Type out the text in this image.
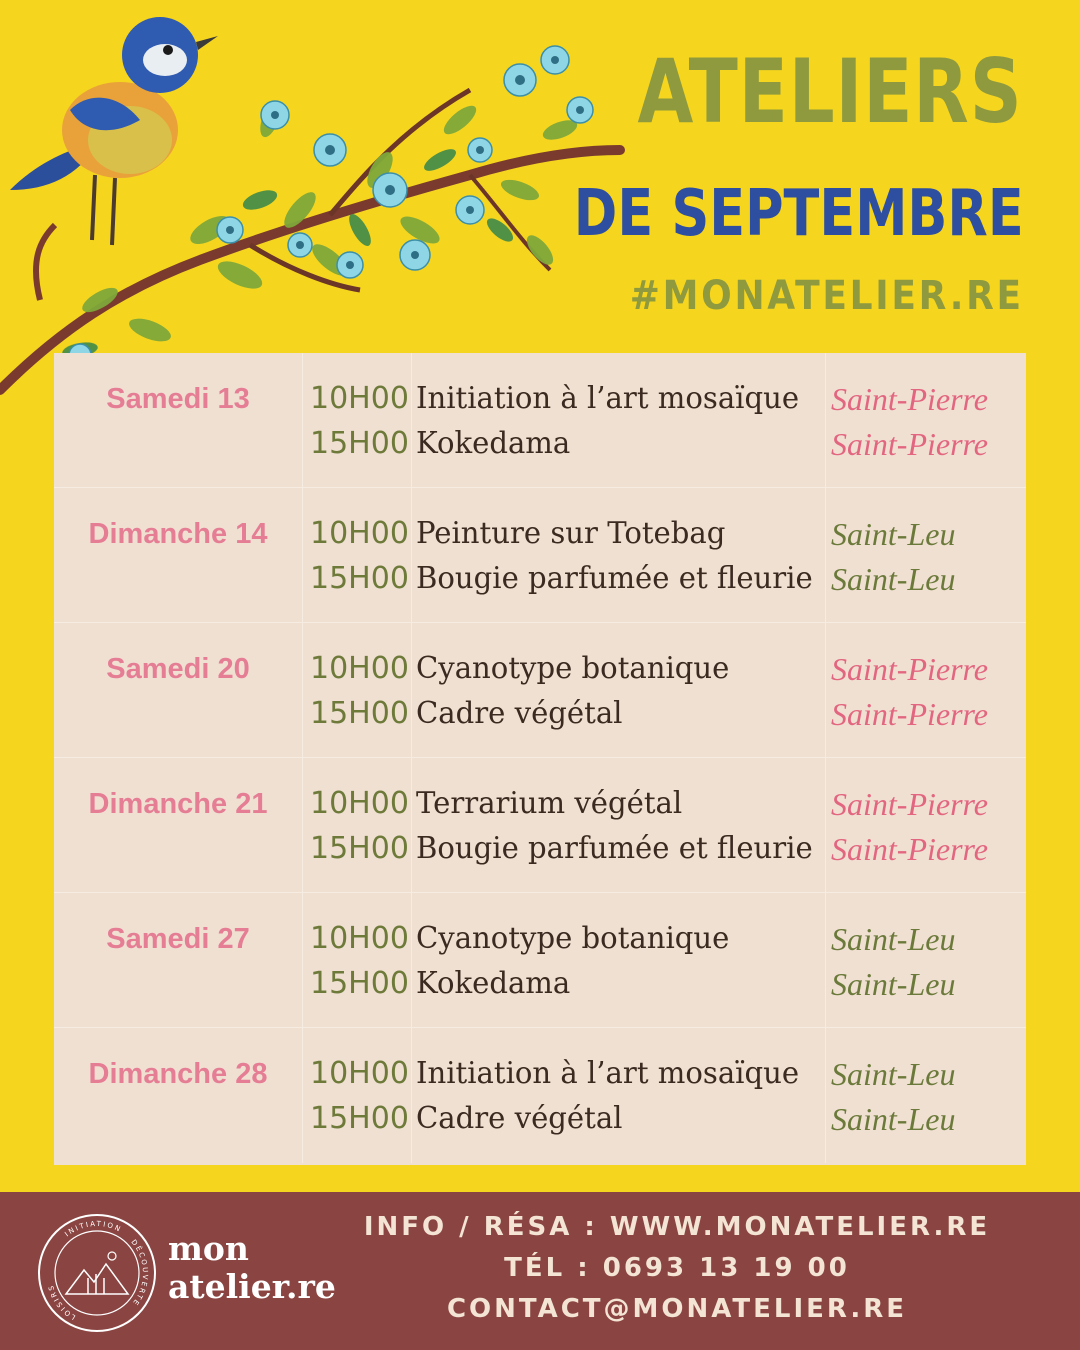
ATELIERS
DE SEPTEMBRE
#MONATELIER.RE
Samedi 13	10H00 Initiation à l’art mosaïque Saint-Pierre
15H00 Kokedama	Saint-Pierre
Dimanche 14	10H00 Peinture sur Totebag	Saint-Leu
15H00 Bougie parfumée et fleurie Saint-Leu
Samedi 20	10H00 Cyanotype botanique	Saint-Pierre
15H00 Cadre végétal	Saint-Pierre
Dimanche 21	10H00 Terrarium végétal	Saint-Pierre
15H00 Bougie parfumée et fleurie Saint-Pierre
Samedi 27	10H00 Cyanotype botanique	Saint-Leu
15H00 Kokedama	Saint-Leu
Dimanche 28	10H00 Initiation à l’art mosaïque Saint-Leu
15H00 Cadre végétal	Saint-Leu
INITIATION
DÉCOUVERTE
LOISIRS
mon
atelier.re
INFO / RÉSA : WWW.MONATELIER.RE
TÉL : 0693 13 19 00
CONTACT@MONATELIER.RE
